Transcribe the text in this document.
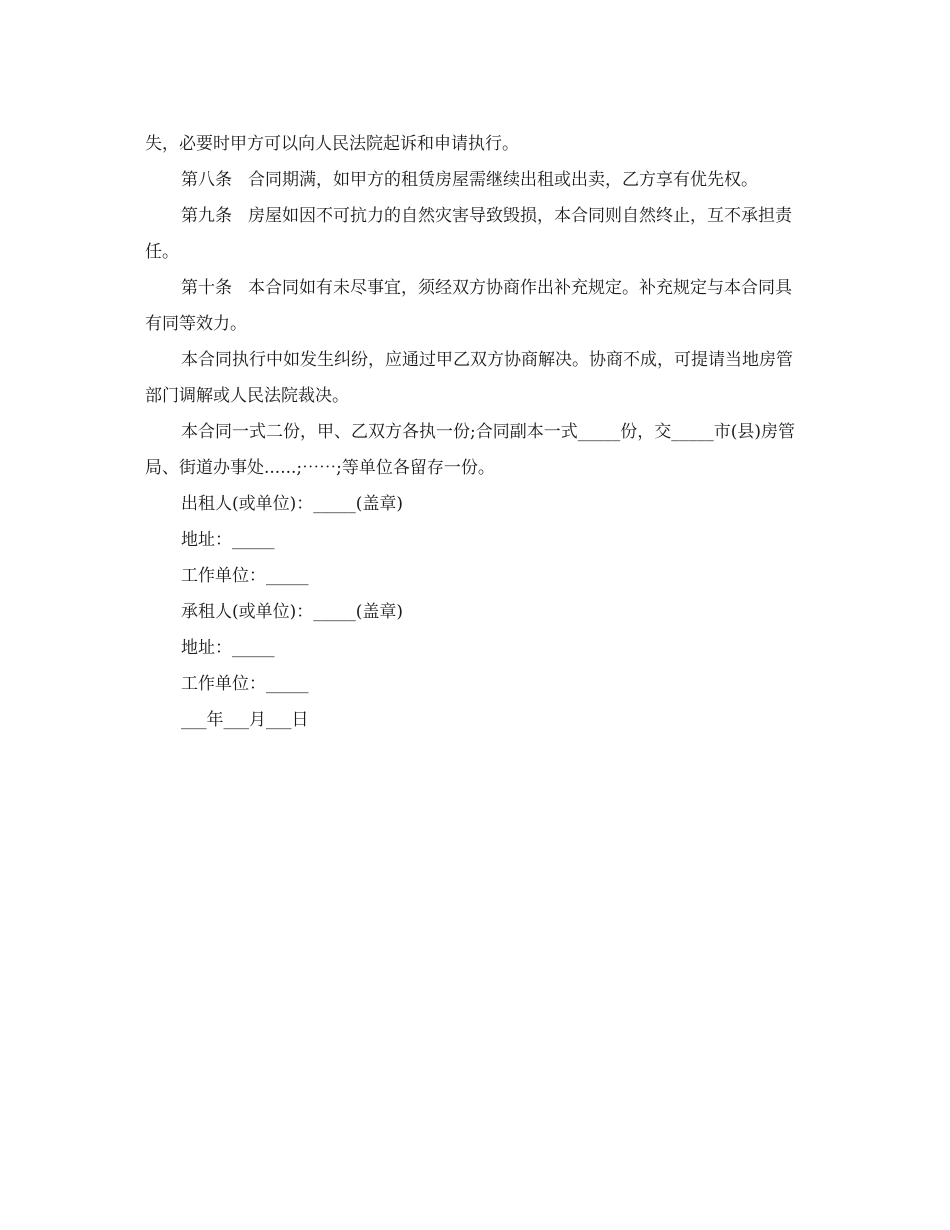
失，必要时甲方可以向人民法院起诉和申请执行。

第八条 合同期满，如甲方的租赁房屋需继续出租或出卖，乙方享有优先权。

第九条 房屋如因不可抗力的自然灾害导致毁损，本合同则自然终止，互不承担责任。

第十条 本合同如有未尽事宜，须经双方协商作出补充规定。补充规定与本合同具有同等效力。

本合同执行中如发生纠纷，应通过甲乙双方协商解决。协商不成，可提请当地房管部门调解或人民法院裁决。

本合同一式二份，甲、乙双方各执一份;合同副本一式_____份，交_____市(县)房管局、街道办事处......;⋯⋯;等单位各留存一份。

出租人(或单位)：_____(盖章)

地址：_____

工作单位：_____

承租人(或单位)：_____(盖章)

地址：_____

工作单位：_____

___年___月___日
